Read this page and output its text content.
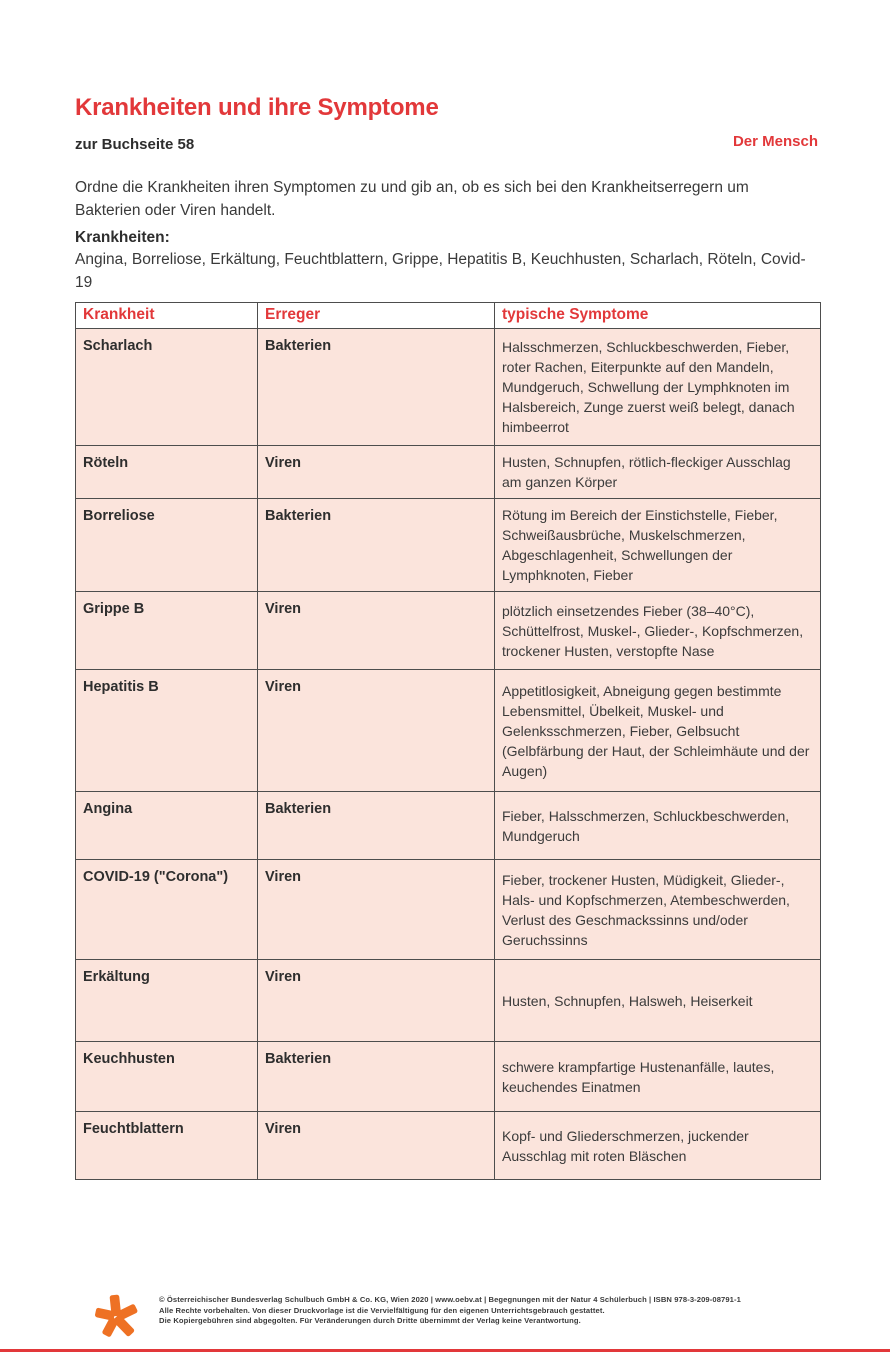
Der Mensch
Krankheiten und ihre Symptome
zur Buchseite 58

Ordne die Krankheiten ihren Symptomen zu und gib an, ob es sich bei den Krankheitserregern um Bakterien oder Viren handelt.

Krankheiten:

Angina, Borreliose, Erkältung, Feuchtblattern, Grippe, Hepatitis B, Keuchhusten, Scharlach, Röteln, Covid-19

Krankheit	Erreger	typische Symptome
Scharlach	Bakterien	Halsschmerzen, Schluckbeschwerden, Fieber, roter Rachen, Eiterpunkte auf den Mandeln, Mundgeruch, Schwellung der Lymphknoten im Halsbereich, Zunge zuerst weiß belegt, danach himbeerrot
Röteln	Viren	Husten, Schnupfen, rötlich-fleckiger Ausschlag am ganzen Körper
Borreliose	Bakterien	Rötung im Bereich der Einstichstelle, Fieber, Schweißausbrüche, Muskelschmerzen, Abgeschlagenheit, Schwellungen der Lymphknoten, Fieber
Grippe B	Viren	plötzlich einsetzendes Fieber (38–40°C), Schüttelfrost, Muskel-, Glieder-, Kopfschmerzen, trockener Husten, verstopfte Nase
Hepatitis B	Viren	Appetitlosigkeit, Abneigung gegen bestimmte Lebensmittel, Übelkeit, Muskel- und Gelenksschmerzen, Fieber, Gelbsucht (Gelbfärbung der Haut, der Schleimhäute und der Augen)
Angina	Bakterien	Fieber, Halsschmerzen, Schluckbeschwerden, Mundgeruch
COVID-19 ("Corona")	Viren	Fieber, trockener Husten, Müdigkeit, Glieder-, Hals- und Kopfschmerzen, Atembeschwerden, Verlust des Geschmackssinns und/oder Geruchssinns
Erkältung	Viren	Husten, Schnupfen, Halsweh, Heiserkeit
Keuchhusten	Bakterien	schwere krampfartige Hustenanfälle, lautes, keuchendes Einatmen
Feuchtblattern	Viren	Kopf- und Gliederschmerzen, juckender Ausschlag mit roten Bläschen
© Österreichischer Bundesverlag Schulbuch GmbH & Co. KG, Wien 2020 | www.oebv.at | Begegnungen mit der Natur 4 Schülerbuch | ISBN 978-3-209-08791-1
Alle Rechte vorbehalten. Von dieser Druckvorlage ist die Vervielfältigung für den eigenen Unterrichtsgebrauch gestattet.
Die Kopiergebühren sind abgegolten. Für Veränderungen durch Dritte übernimmt der Verlag keine Verantwortung.
